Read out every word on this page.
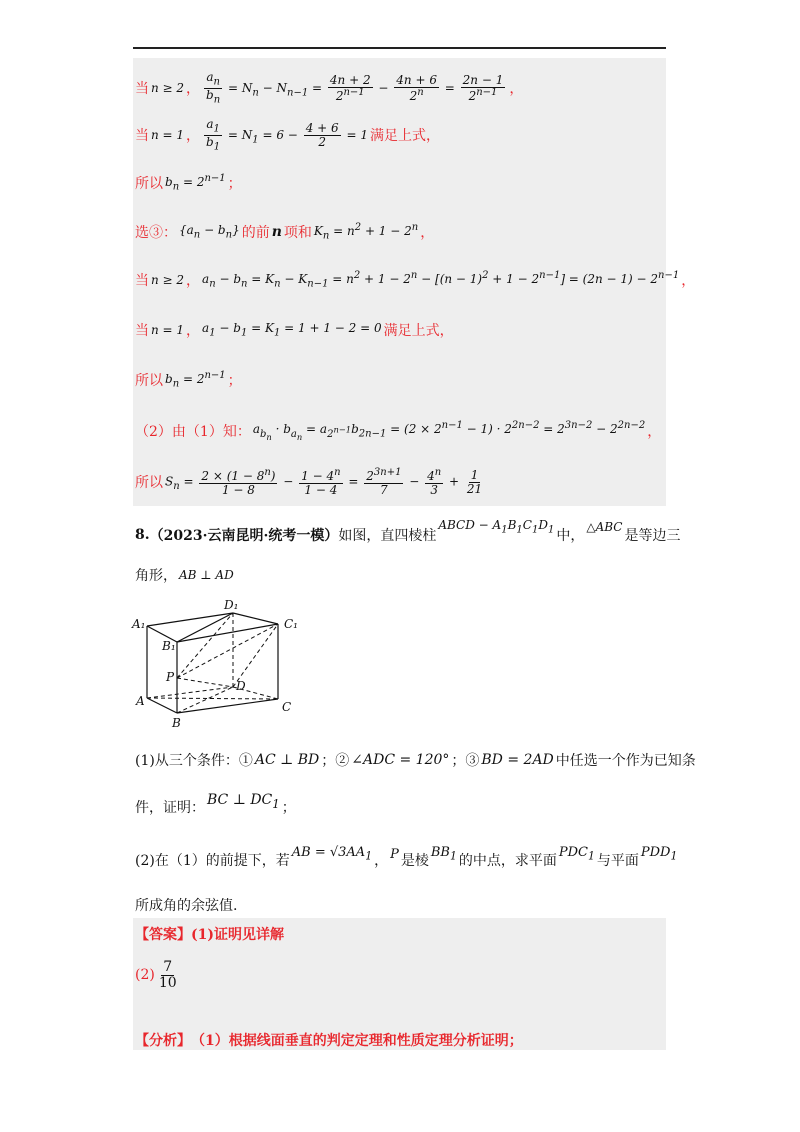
当 n ≥ 2 ， $\frac{a_n}{b_n} = N_n - N_{n-1} = \frac{4n + 2}{2^{n-1}} - \frac{4n + 6}{2^n} = \frac{2n - 1}{2^{n-1}}$ ，
当 n = 1 ， $\frac{a_1}{b_1} = N_1 = 6 - \frac{4 + 6}{2} = 1$ 满足上式，
所以 $b_n = 2^{n-1}$ ；
选③： $\{a_n - b_n\}$ 的前 n 项和 $K_n = n^2 + 1 - 2^n$ ，
当 n ≥ 2 ， $a_n - b_n = K_n - K_{n-1} = n^2 + 1 - 2^n - [(n - 1)^2 + 1 - 2^{n-1}] = (2n - 1) - 2^{n-1}$ ，
当 n = 1 ， $a_1 - b_1 = K_1 = 1 + 1 - 2 = 0$ 满足上式，
所以 $b_n = 2^{n-1}$ ；
（2）由（1）知： $a_{b_n} \cdot b_{a_n} = a_{2^{n-1}}b_{2n-1} = (2 \times 2^{n-1} - 1) \cdot 2^{2n-2} = 2^{3n-2} - 2^{2n-2}$ ，
所以 $S_n = \frac{2 \times (1 - 8^n)}{1 - 8} - \frac{1 - 4^n}{1 - 4} = \frac{2^{3n+1}}{7} - \frac{4^n}{3} + \frac{1}{21}$
8. （2023·云南昆明·统考一模） 如图，直四棱柱
ABCD − $A_1B_1C_1D_1$ 中，
△ABC
是等边三
角形， AB ⊥ AD
A₁
D₁
C₁
B₁
P
D
A
B
C
(1)从三个条件：① AC ⊥ BD ；② ∠ADC = 120° ；③ BD = 2AD 中任选一个作为已知条
件，证明：
BC ⊥ $DC_1$ ；
(2)在（1）的前提下，若
AB = $√3AA_1$ ， P 是棱
$BB_1$ 的中点，求平面
$PDC_1$ 与平面
$PDD_1$
所成角的余弦值.
【答案】 (1)证明见详解
$(2) \frac{7}{10}$
【分析】 （1）根据线面垂直的判定定理和性质定理分析证明；
